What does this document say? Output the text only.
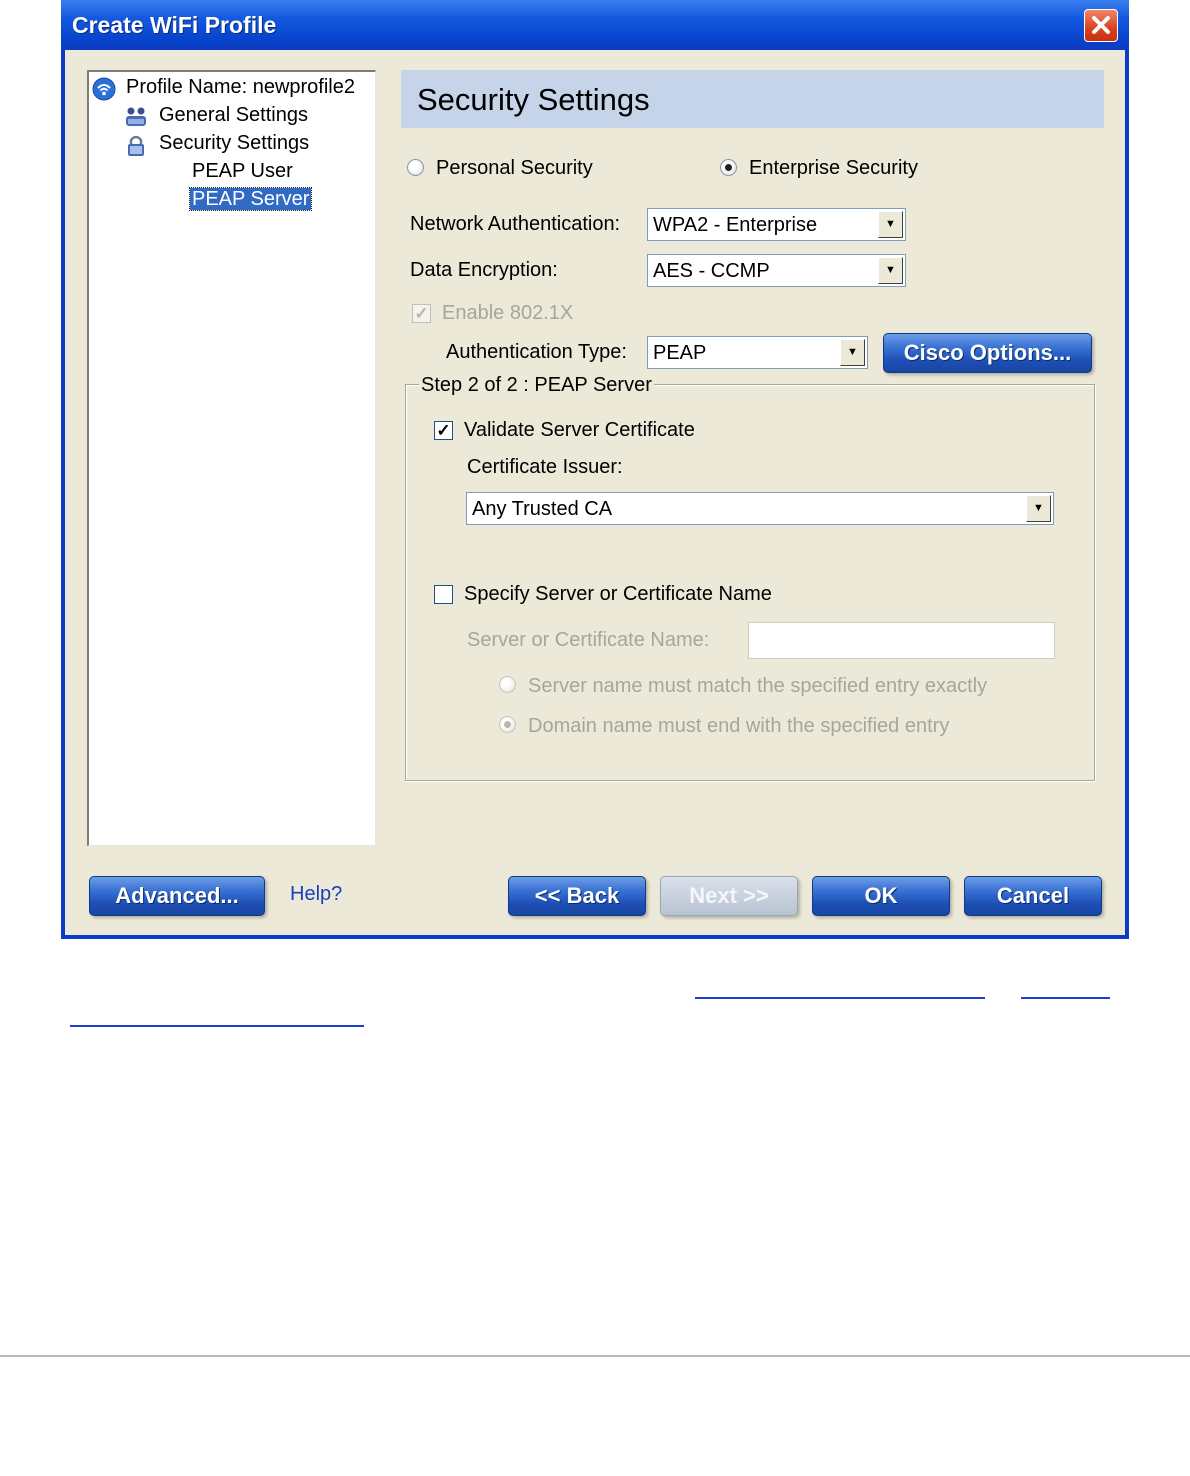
Create WiFi Profile
Profile Name: newprofile2
General Settings
Security Settings
PEAP User
PEAP Server
Security Settings
Personal Security	Enterprise Security
Network Authentication: WPA2 - Enterprise	▼
Data Encryption:	AES - CCMP	▼
✓ Enable 802.1X
Authentication Type: PEAP	▼	Cisco Options...
Step 2 of 2 : PEAP Server
✓ Validate Server Certificate
Certificate Issuer:
Any Trusted CA	▼
Specify Server or Certificate Name
Server or Certificate Name:
Server name must match the specified entry exactly
Domain name must end with the specified entry
Advanced...	Help?	<< Back	Next >>	OK	Cancel
